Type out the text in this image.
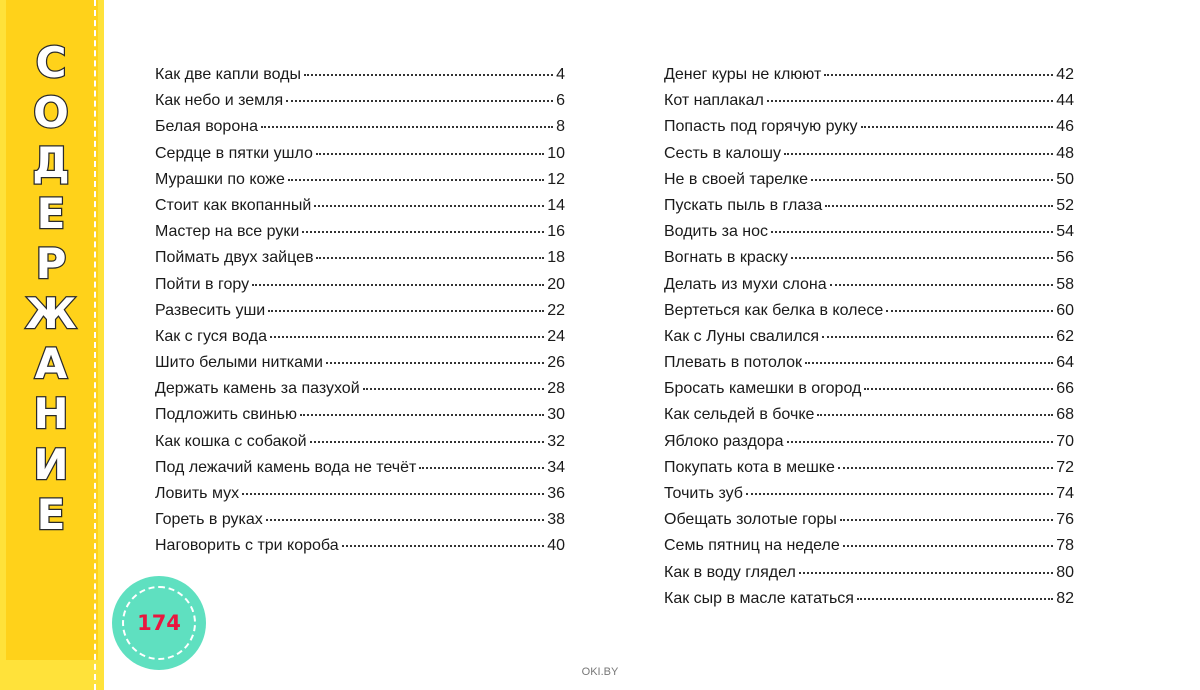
С
О
Д
Е
Р
Ж
А
Н
И
Е
174
Как две капли воды	4
Как небо и земля	6
Белая ворона	8
Сердце в пятки ушло	10
Мурашки по коже	12
Стоит как вкопанный	14
Мастер на все руки	16
Поймать двух зайцев	18
Пойти в гору	20
Развесить уши	22
Как с гуся вода	24
Шито белыми нитками	26
Держать камень за пазухой	28
Подложить свинью	30
Как кошка с собакой	32
Под лежачий камень вода не течёт	34
Ловить мух	36
Гореть в руках	38
Наговорить с три короба	40
Денег куры не клюют	42
Кот наплакал	44
Попасть под горячую руку	46
Сесть в калошу	48
Не в своей тарелке	50
Пускать пыль в глаза	52
Водить за нос	54
Вогнать в краску	56
Делать из мухи слона	58
Вертеться как белка в колесе	60
Как с Луны свалился	62
Плевать в потолок	64
Бросать камешки в огород	66
Как сельдей в бочке	68
Яблоко раздора	70
Покупать кота в мешке	72
Точить зуб	74
Обещать золотые горы	76
Семь пятниц на неделе	78
Как в воду глядел	80
Как сыр в масле кататься	82
OKI.BY
